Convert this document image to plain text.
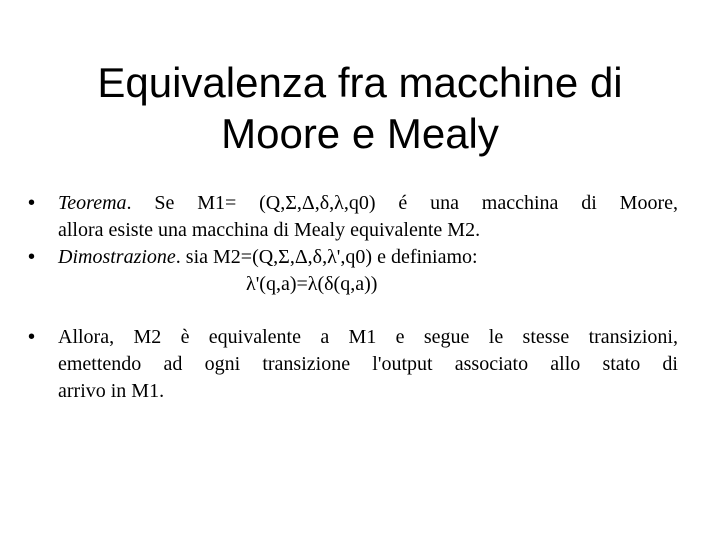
Equivalenza fra macchine di
Moore e Mealy
•	Teorema. Se M1= (Q,Σ,Δ,δ,λ,q0) é una macchina di Moore,
allora esiste una macchina di Mealy equivalente M2.
•	Dimostrazione. sia M2=(Q,Σ,Δ,δ,λ',q0) e definiamo:
λ'(q,a)=λ(δ(q,a))
•	Allora, M2 è equivalente a M1 e segue le stesse transizioni,
emettendo ad ogni transizione l'output associato allo stato di
arrivo in M1.
